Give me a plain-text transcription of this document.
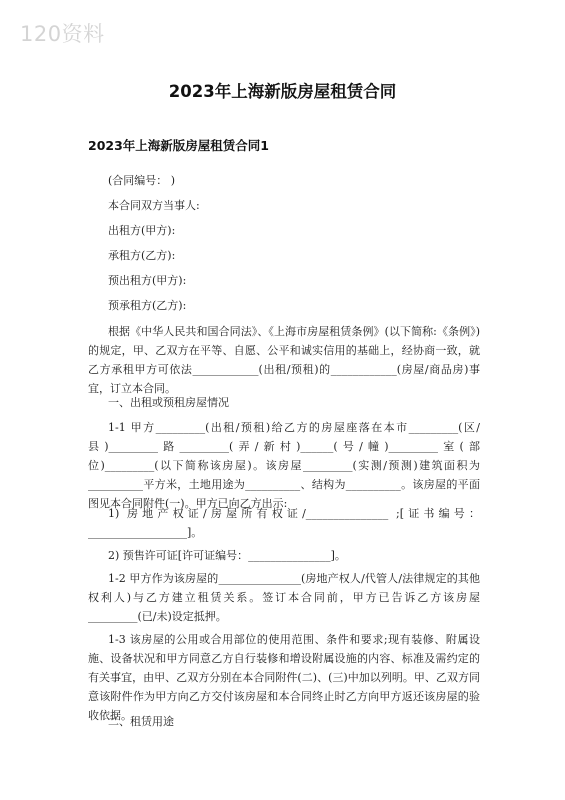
120资料
2023年上海新版房屋租赁合同
2023年上海新版房屋租赁合同1
(合同编号： )
本合同双方当事人:
出租方(甲方):
承租方(乙方):
预出租方(甲方):
预承租方(乙方):
根据《中华人民共和国合同法》、《上海市房屋租赁条例》(以下简称:《条例》)的规定，甲、乙双方在平等、自愿、公平和诚实信用的基础上，经协商一致，就乙方承租甲方可依法____________(出租/预租)的____________(房屋/商品房)事宜，订立本合同。
一、出租或预租房屋情况
1-1 甲方_________(出租/预租)给乙方的房屋座落在本市_________(区/县)_________路_________(弄/新村)______(号/幢)_________室(部位)_________(以下简称该房屋)。该房屋_________(实测/预测)建筑面积为__________平方米，土地用途为__________、结构为__________。该房屋的平面图见本合同附件(一)。甲方已向乙方出示:
1) 房地产权证/房屋所有权证/_______________ ;[证书编号：__________________]。
2) 预售许可证[许可证编号：_______________]。
1-2 甲方作为该房屋的_______________(房地产权人/代管人/法律规定的其他权利人)与乙方建立租赁关系。签订本合同前，甲方已告诉乙方该房屋_________(已/未)设定抵押。
1-3 该房屋的公用或合用部位的使用范围、条件和要求;现有装修、附属设施、设备状况和甲方同意乙方自行装修和增设附属设施的内容、标准及需约定的有关事宜，由甲、乙双方分别在本合同附件(二)、(三)中加以列明。甲、乙双方同意该附件作为甲方向乙方交付该房屋和本合同终止时乙方向甲方返还该房屋的验收依据。
二、租赁用途
